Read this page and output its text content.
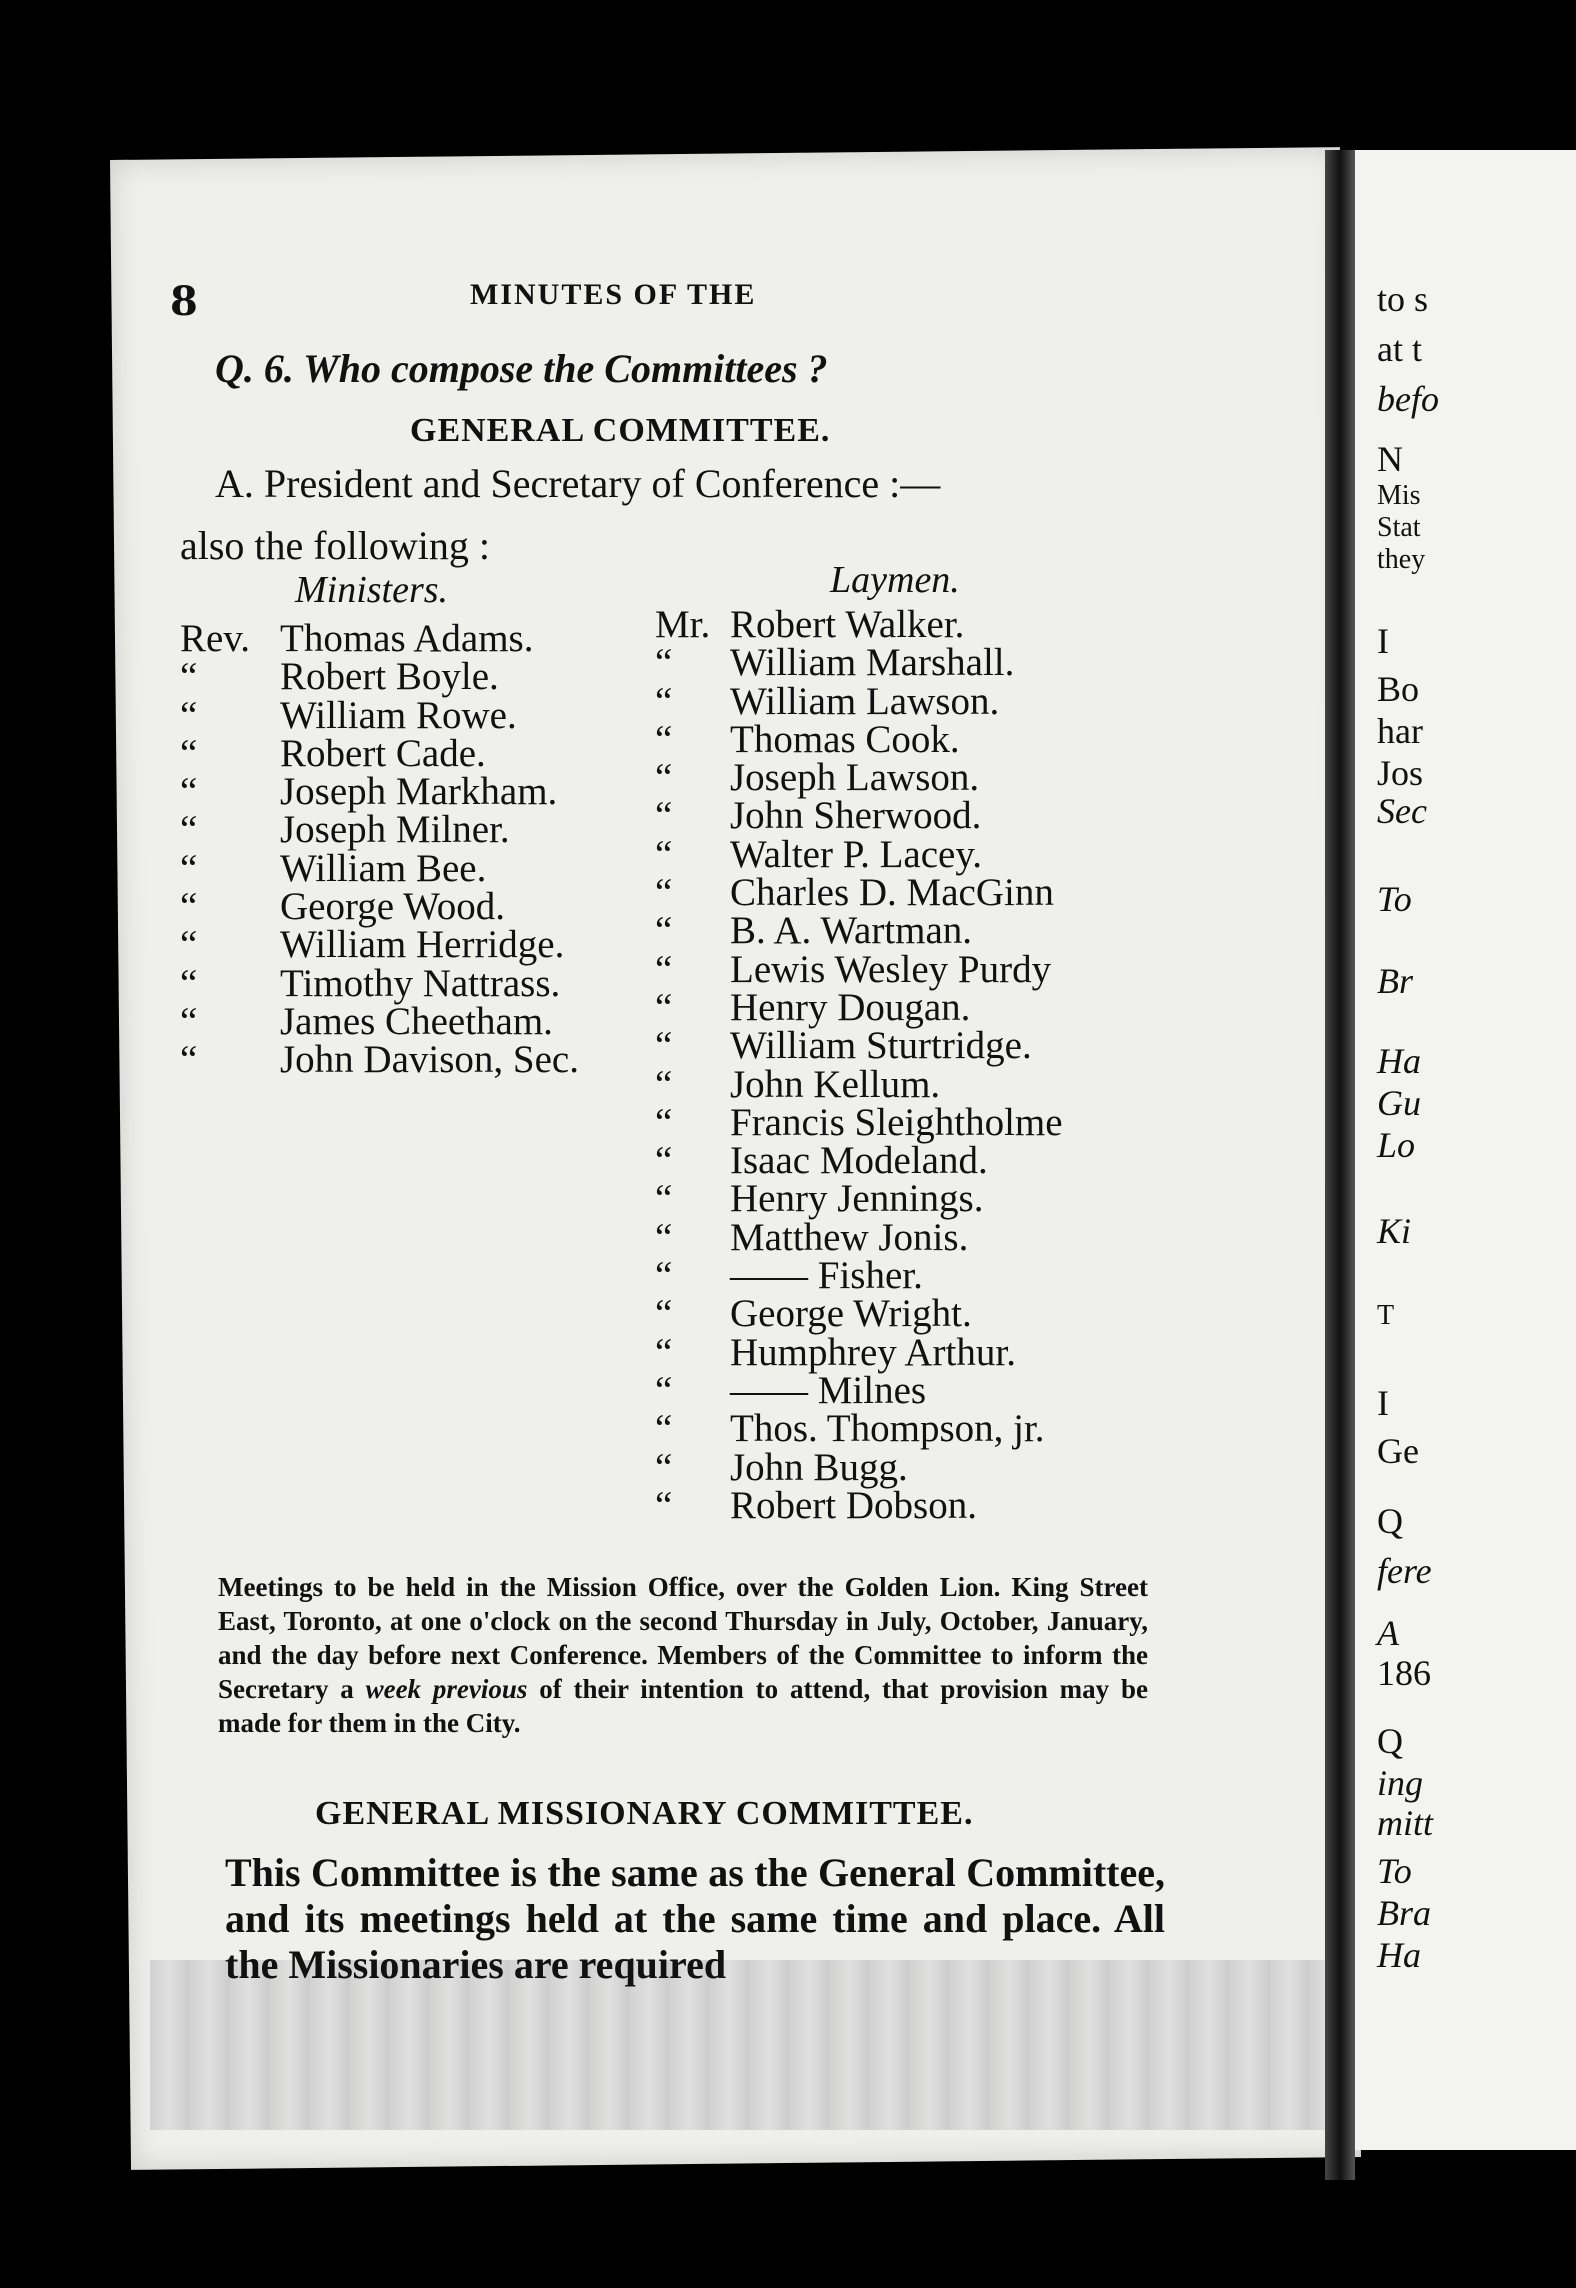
8	MINUTES OF THE
Q. 6. Who compose the Committees ?
GENERAL COMMITTEE.
A. President and Secretary of Conference :—
also the following :
Ministers.	Laymen.
Rev. Thomas Adams.
“ Robert Boyle.
“ William Rowe.
“ Robert Cade.
“ Joseph Markham.
“ Joseph Milner.
“ William Bee.
“ George Wood.
“ William Herridge.
“ Timothy Nattrass.
“ James Cheetham.
“ John Davison, Sec.
Mr. Robert Walker.
“ William Marshall.
“ William Lawson.
“ Thomas Cook.
“ Joseph Lawson.
“ John Sherwood.
“ Walter P. Lacey.
“ Charles D. MacGinn
“ B. A. Wartman.
“ Lewis Wesley Purdy
“ Henry Dougan.
“ William Sturtridge.
“ John Kellum.
“ Francis Sleightholme
“ Isaac Modeland.
“ Henry Jennings.
“ Matthew Jonis.
“ —— Fisher.
“ George Wright.
“ Humphrey Arthur.
“ —— Milnes
“ Thos. Thompson, jr.
“ John Bugg.
“ Robert Dobson.
Meetings to be held in the Mission Office, over the Golden Lion. King Street East, Toronto, at one o'clock on the second Thursday in July, October, January, and the day before next Conference. Members of the Committee to inform the Secretary a week previous of their intention to attend, that provision may be made for them in the City.
GENERAL MISSIONARY COMMITTEE.
This Committee is the same as the General Committee, and its meetings held at the same time and place. All the Missionaries are required
to s
at t
befo
N
Mis
Stat
they
I
Bo
har
Jos
Sec
To
Br
Ha
Gu
Lo
Ki
T
I
Ge
Q
fere
A
186
Q
ing
mitt
To
Bra
Ha
